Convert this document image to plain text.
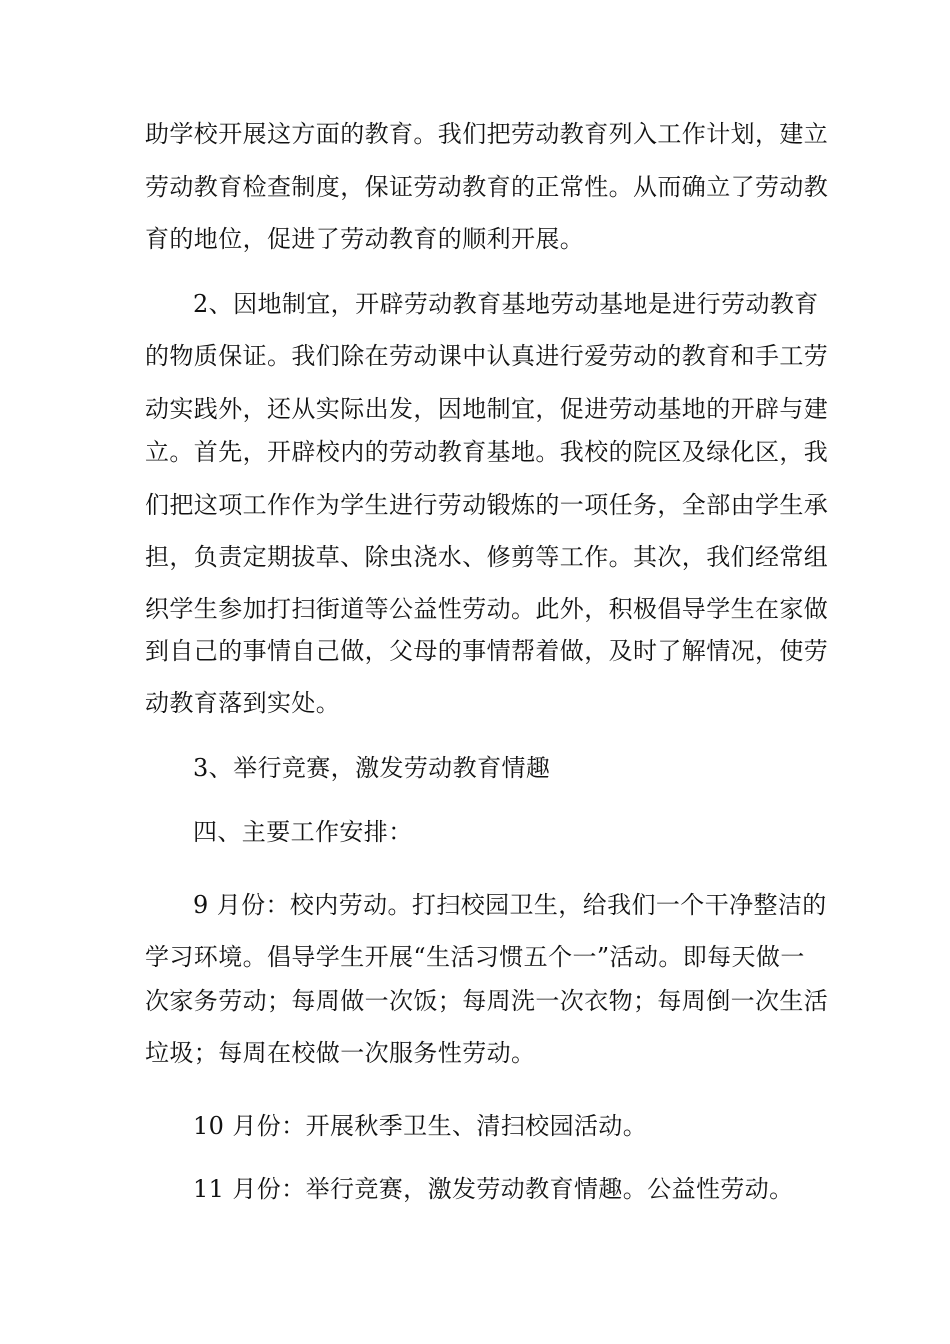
助学校开展这方面的教育。我们把劳动教育列入工作计划，建立
劳动教育检查制度，保证劳动教育的正常性。从而确立了劳动教
育的地位，促进了劳动教育的顺利开展。
2、因地制宜，开辟劳动教育基地劳动基地是进行劳动教育
的物质保证。我们除在劳动课中认真进行爱劳动的教育和手工劳
动实践外，还从实际出发，因地制宜，促进劳动基地的开辟与建
立。首先，开辟校内的劳动教育基地。我校的院区及绿化区，我
们把这项工作作为学生进行劳动锻炼的一项任务，全部由学生承
担，负责定期拔草、除虫浇水、修剪等工作。其次，我们经常组
织学生参加打扫街道等公益性劳动。此外，积极倡导学生在家做
到自己的事情自己做，父母的事情帮着做，及时了解情况，使劳
动教育落到实处。
3、举行竞赛，激发劳动教育情趣
四、主要工作安排：
9 月份：校内劳动。打扫校园卫生，给我们一个干净整洁的
学习环境。倡导学生开展“生活习惯五个一”活动。即每天做一
次家务劳动；每周做一次饭；每周洗一次衣物；每周倒一次生活
垃圾；每周在校做一次服务性劳动。
10 月份：开展秋季卫生、清扫校园活动。
11 月份：举行竞赛，激发劳动教育情趣。公益性劳动。
